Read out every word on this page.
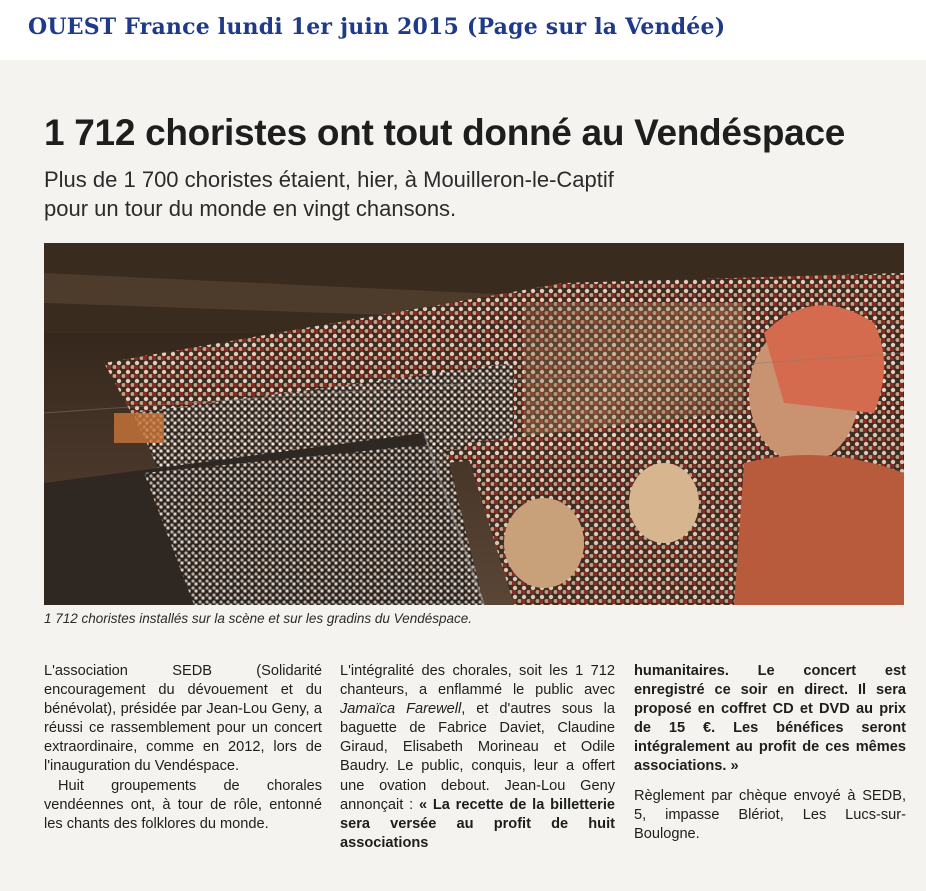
OUEST France lundi 1er juin 2015 (Page sur la Vendée)
1 712 choristes ont tout donné au Vendéspace
Plus de 1 700 choristes étaient, hier, à Mouilleron-le-Captif
pour un tour du monde en vingt chansons.
1 712 choristes installés sur la scène et sur les gradins du Vendéspace.

L'association SEDB (Solidarité encouragement du dévouement et du bénévolat), présidée par Jean-Lou Geny, a réussi ce rassemblement pour un concert extraordinaire, comme en 2012, lors de l'inauguration du Vendéspace.

Huit groupements de chorales vendéennes ont, à tour de rôle, entonné les chants des folklores du monde.

L'intégralité des chorales, soit les 1 712 chanteurs, a enflammé le public avec Jamaïca Farewell, et d'autres sous la baguette de Fabrice Daviet, Claudine Giraud, Elisabeth Morineau et Odile Baudry. Le public, conquis, leur a offert une ovation debout. Jean-Lou Geny annonçait : « La recette de la billetterie sera versée au profit de huit associations

humanitaires. Le concert est enregistré ce soir en direct. Il sera proposé en coffret CD et DVD au prix de 15 €. Les bénéfices seront intégralement au profit de ces mêmes associations. »

Règlement par chèque envoyé à SEDB, 5, impasse Blériot, Les Lucs-sur-Boulogne.
